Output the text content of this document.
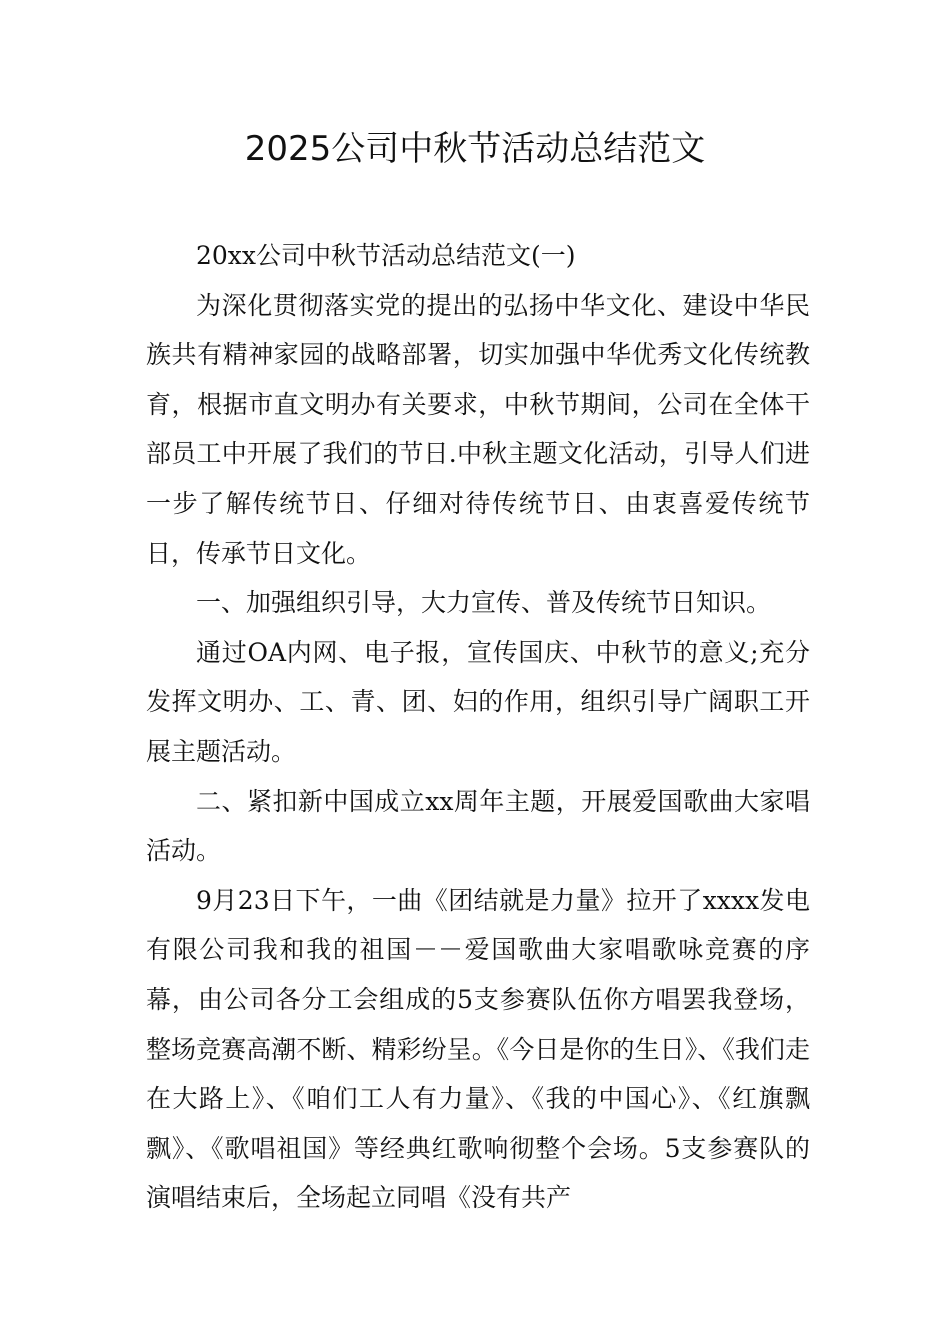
2025公司中秋节活动总结范文

20xx公司中秋节活动总结范文(一)

为深化贯彻落实党的提出的弘扬中华文化、建设中华民族共有精神家园的战略部署，切实加强中华优秀文化传统教育，根据市直文明办有关要求，中秋节期间，公司在全体干部员工中开展了我们的节日.中秋主题文化活动，引导人们进一步了解传统节日、仔细对待传统节日、由衷喜爱传统节日，传承节日文化。

一、加强组织引导，大力宣传、普及传统节日知识。

通过OA内网、电子报，宣传国庆、中秋节的意义;充分发挥文明办、工、青、团、妇的作用，组织引导广阔职工开展主题活动。

二、紧扣新中国成立xx周年主题，开展爱国歌曲大家唱活动。

9月23日下午，一曲《团结就是力量》拉开了xxxx发电有限公司我和我的祖国－－爱国歌曲大家唱歌咏竞赛的序幕，由公司各分工会组成的5支参赛队伍你方唱罢我登场，整场竞赛高潮不断、精彩纷呈。《今日是你的生日》、《我们走在大路上》、《咱们工人有力量》、《我的中国心》、《红旗飘飘》、《歌唱祖国》等经典红歌响彻整个会场。5支参赛队的演唱结束后，全场起立同唱《没有共产
